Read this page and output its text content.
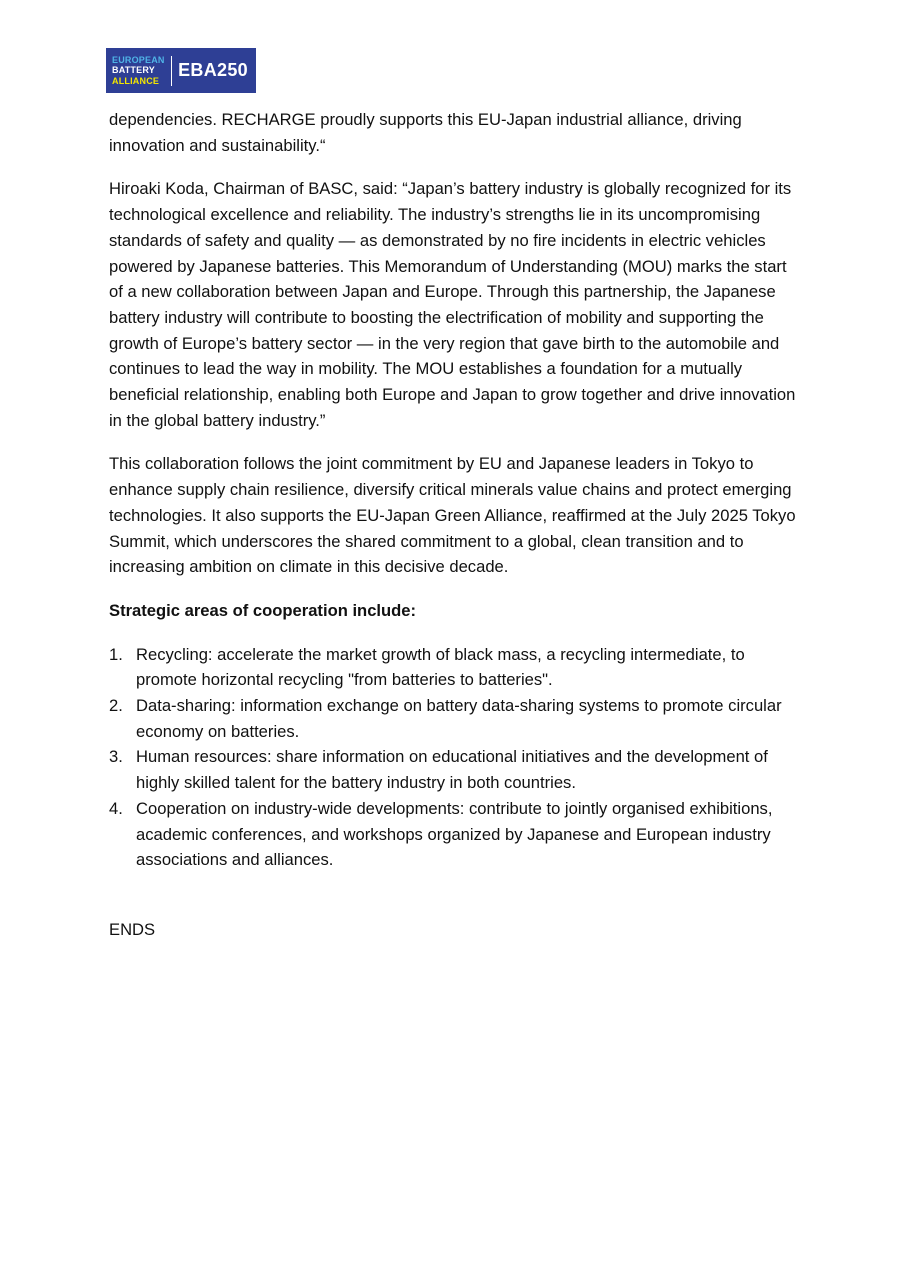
EUROPEAN
BATTERY
ALLIANCE
EBA250

dependencies. RECHARGE proudly supports this EU-Japan industrial alliance, driving innovation and sustainability.“

Hiroaki Koda, Chairman of BASC, said: “Japan’s battery industry is globally recognized for its technological excellence and reliability. The industry’s strengths lie in its uncompromising standards of safety and quality — as demonstrated by no fire incidents in electric vehicles powered by Japanese batteries. This Memorandum of Understanding (MOU) marks the start of a new collaboration between Japan and Europe. Through this partnership, the Japanese battery industry will contribute to boosting the electrification of mobility and supporting the growth of Europe’s battery sector — in the very region that gave birth to the automobile and continues to lead the way in mobility. The MOU establishes a foundation for a mutually beneficial relationship, enabling both Europe and Japan to grow together and drive innovation in the global battery industry.”

This collaboration follows the joint commitment by EU and Japanese leaders in Tokyo to enhance supply chain resilience, diversify critical minerals value chains and protect emerging technologies. It also supports the EU-Japan Green Alliance, reaffirmed at the July 2025 Tokyo Summit, which underscores the shared commitment to a global, clean transition and to increasing ambition on climate in this decisive decade.

Strategic areas of cooperation include:

1. Recycling: accelerate the market growth of black mass, a recycling intermediate, to promote horizontal recycling "from batteries to batteries".
2. Data-sharing: information exchange on battery data-sharing systems to promote circular economy on batteries.
3. Human resources: share information on educational initiatives and the development of highly skilled talent for the battery industry in both countries.
4. Cooperation on industry-wide developments: contribute to jointly organised exhibitions, academic conferences, and workshops organized by Japanese and European industry associations and alliances.

ENDS
